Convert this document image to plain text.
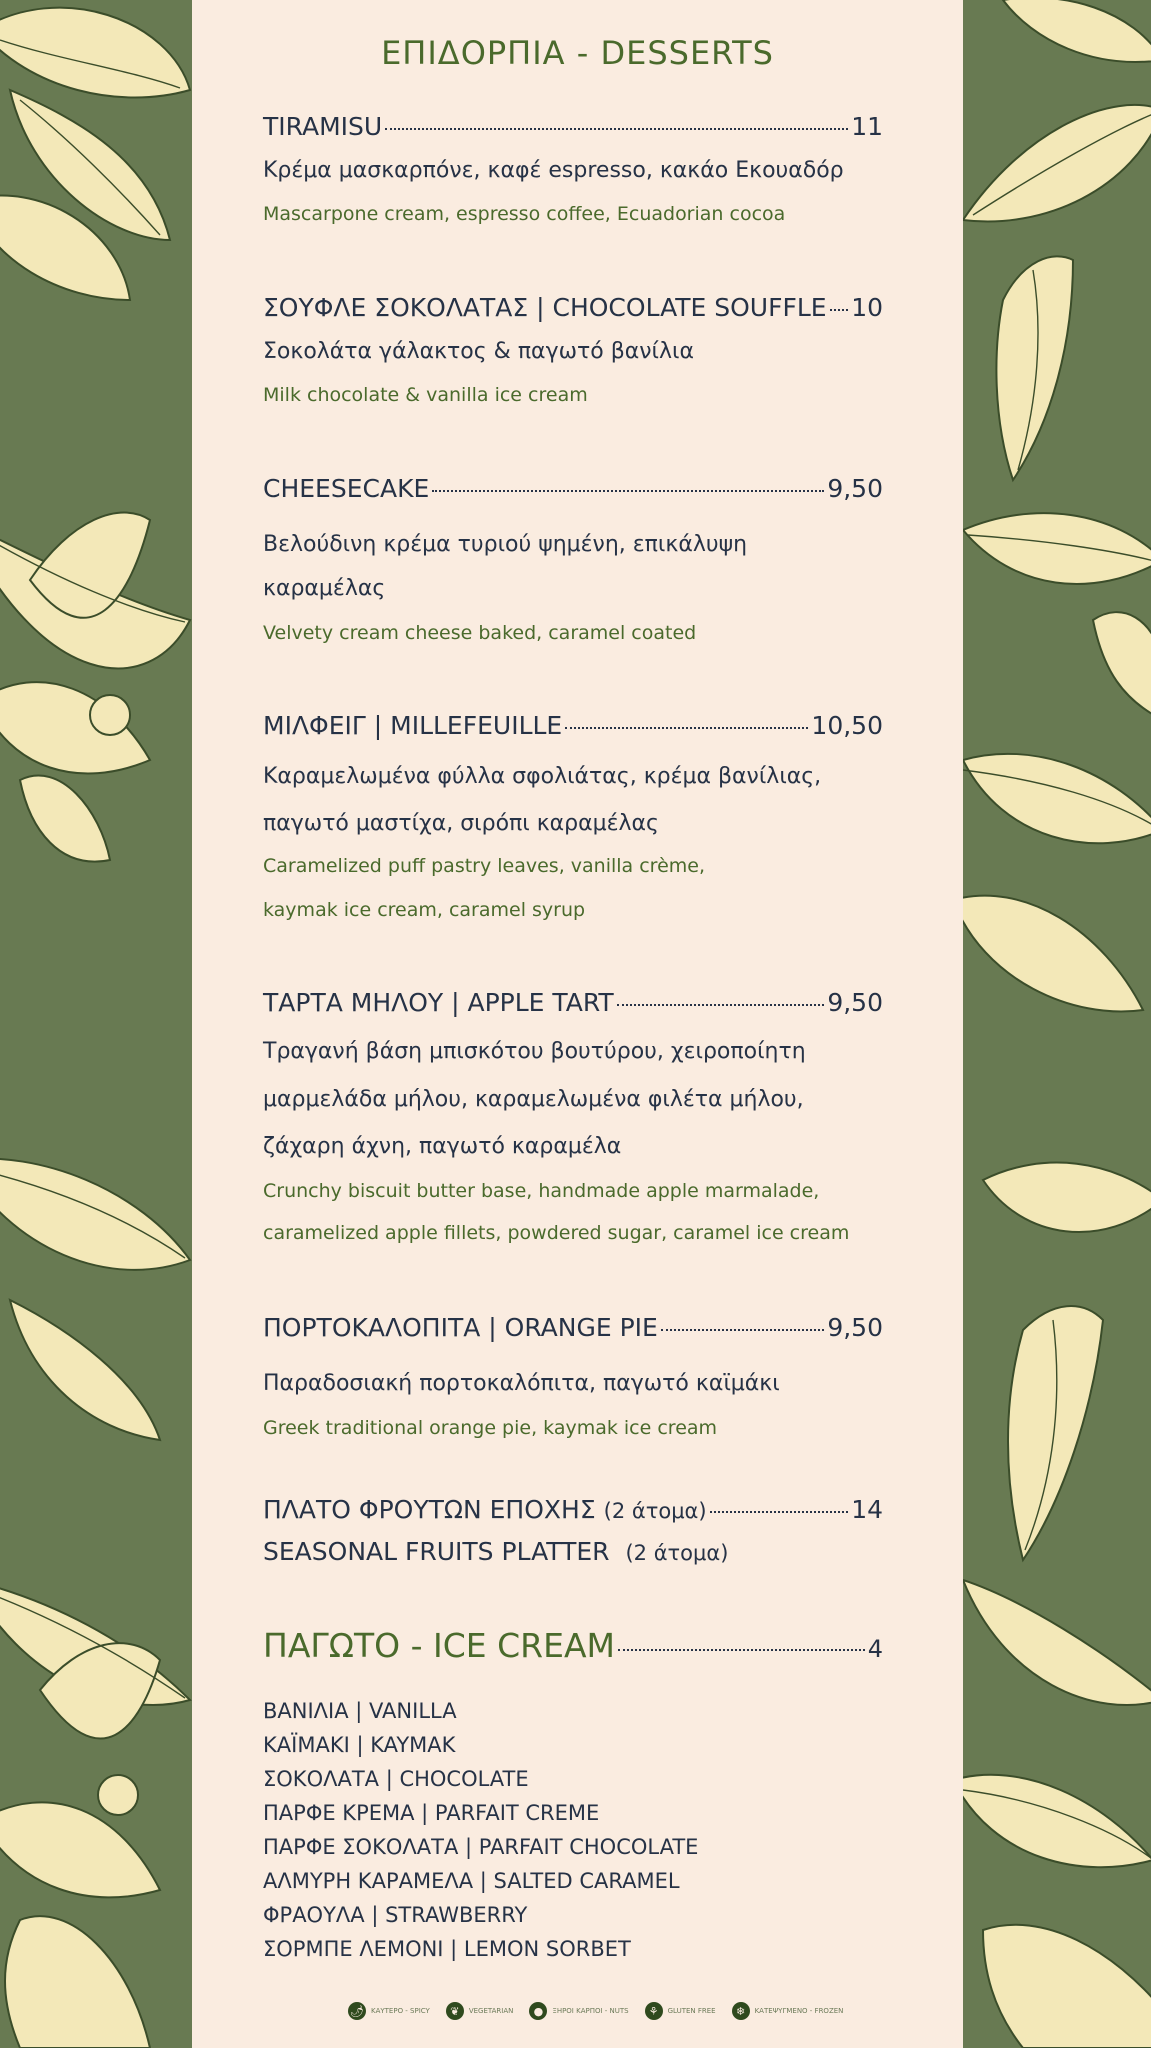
ΕΠΙΔΟΡΠΙΑ - DESSERTS
TIRAMISU	11
Κρέμα μασκαρπόνε, καφέ espresso, κακάο Εκουαδόρ
Mascarpone cream, espresso coffee, Ecuadorian cocoa
ΣΟΥΦΛΕ ΣΟΚΟΛΑΤΑΣ | CHOCOLATE SOUFFLE 10
Σοκολάτα γάλακτος & παγωτό βανίλια
Milk chocolate & vanilla ice cream
CHEESECAKE	9,50
Βελούδινη κρέμα τυριού ψημένη, επικάλυψη
καραμέλας
Velvety cream cheese baked, caramel coated
ΜΙΛΦΕΙΓ | MILLEFEUILLE	10,50
Καραμελωμένα φύλλα σφολιάτας, κρέμα βανίλιας,
παγωτό μαστίχα, σιρόπι καραμέλας
Caramelized puff pastry leaves, vanilla crème,
kaymak ice cream, caramel syrup
ΤΑΡΤΑ ΜΗΛΟΥ | APPLE TART	9,50
Τραγανή βάση μπισκότου βουτύρου, χειροποίητη
μαρμελάδα μήλου, καραμελωμένα φιλέτα μήλου,
ζάχαρη άχνη, παγωτό καραμέλα
Crunchy biscuit butter base, handmade apple marmalade,
caramelized apple fillets, powdered sugar, caramel ice cream
ΠΟΡΤΟΚΑΛΟΠΙΤΑ | ORANGE PIE	9,50
Παραδοσιακή πορτοκαλόπιτα, παγωτό καϊμάκι
Greek traditional orange pie, kaymak ice cream
ΠΛΑΤΟ ΦΡΟΥΤΩΝ ΕΠΟΧΗΣ (2 άτομα)	14
SEASONAL FRUITS PLATTER (2 άτομα)
ΠΑΓΩΤΟ - ICE CREAM	4
ΒΑΝΙΛΙΑ | VANILLA
ΚΑΪΜΑΚΙ | KAYMAK
ΣΟΚΟΛΑΤΑ | CHOCOLATE
ΠΑΡΦΕ ΚΡΕΜΑ | PARFAIT CREME
ΠΑΡΦΕ ΣΟΚΟΛΑΤΑ | PARFAIT CHOCOLATE
ΑΛΜΥΡΗ ΚΑΡΑΜΕΛΑ | SALTED CARAMEL
ΦΡΑΟΥΛΑ | STRAWBERRY
ΣΟΡΜΠΕ ΛΕΜΟΝΙ | LEMON SORBET
🌶 ΚΑΥΤΕΡΟ - SPICY	❦	VEGETARIAN	●	ΞΗΡΟΙ ΚΑΡΠΟΙ - NUTS	⚘	GLUTEN FREE	❄	ΚΑΤΕΨΥΓΜΕΝΟ - FROZEN
